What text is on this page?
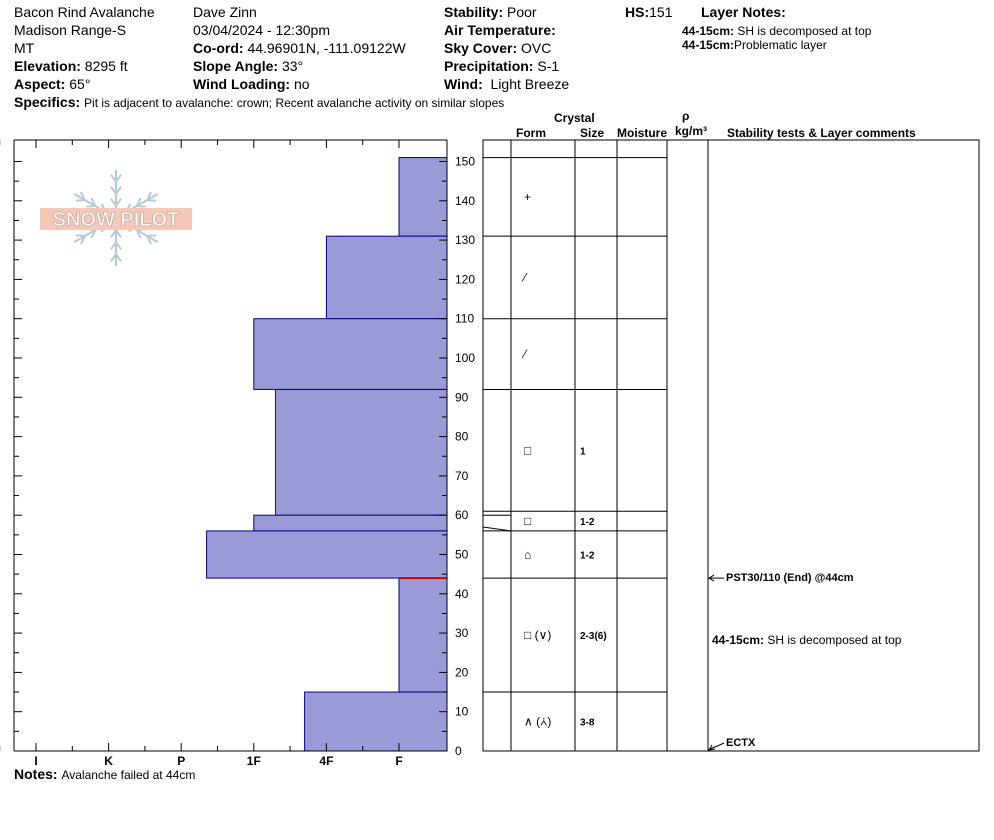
Bacon Rind Avalanche
Madison Range-S
MT
Elevation: 8295 ft
Aspect: 65°
Specifics: Pit is adjacent to avalanche: crown; Recent avalanche activity on similar slopes
Dave Zinn
03/04/2024 - 12:30pm
Co-ord: 44.96901N, -111.09122W
Slope Angle: 33°
Wind Loading: no
Stability: Poor
Air Temperature:
Sky Cover: OVC
Precipitation: S-1
Wind: Light Breeze
HS:151 Layer Notes:
44-15cm: SH is decomposed at top
44-15cm:Problematic layer
Crystal
Form	Size Moisture
ρ
kg/m³ Stability tests & Layer comments
0
10
20
30
40
50
60
70
80
90
100
110
120
130
140
150
I	K	P	1F	4F	F
+
⁄
⁄
□	1
□	1-2
⌂	1-2
□ (∨)	2-3(6)
∧ (⩑)	3-8
SNOW PILOT
PST30/110 (End) @44cm
44-15cm: SH is decomposed at top
ECTX
Notes: Avalanche failed at 44cm
